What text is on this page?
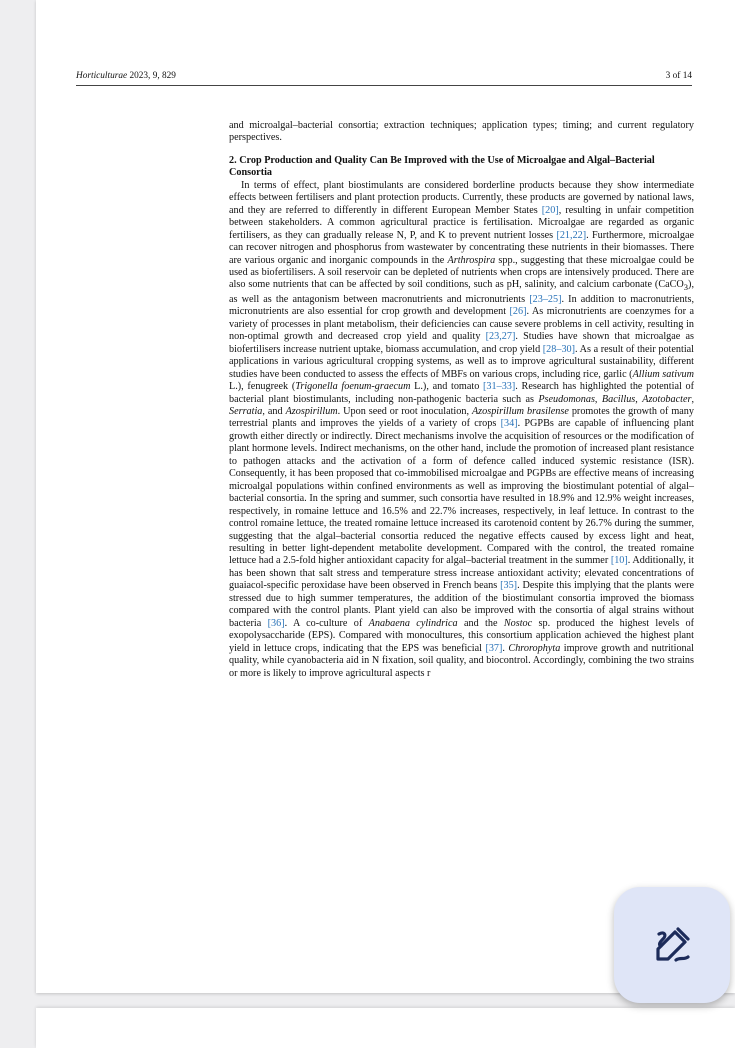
Horticulturae 2023, 9, 829	3 of 14

and microalgal–bacterial consortia; extraction techniques; application types; timing; and current regulatory perspectives.

2. Crop Production and Quality Can Be Improved with the Use of Microalgae and Algal–Bacterial Consortia

In terms of effect, plant biostimulants are considered borderline products because they show intermediate effects between fertilisers and plant protection products. Currently, these products are governed by national laws, and they are referred to differently in different European Member States [20], resulting in unfair competition between stakeholders. A common agricultural practice is fertilisation. Microalgae are regarded as organic fertilisers, as they can gradually release N, P, and K to prevent nutrient losses [21,22]. Furthermore, microalgae can recover nitrogen and phosphorus from wastewater by concentrating these nutrients in their biomasses. There are various organic and inorganic compounds in the Arthrospira spp., suggesting that these microalgae could be used as biofertilisers. A soil reservoir can be depleted of nutrients when crops are intensively produced. There are also some nutrients that can be affected by soil conditions, such as pH, salinity, and calcium carbonate (CaCO$_3$), as well as the antagonism between macronutrients and micronutrients [23–25]. In addition to macronutrients, micronutrients are also essential for crop growth and development [26]. As micronutrients are coenzymes for a variety of processes in plant metabolism, their deficiencies can cause severe problems in cell activity, resulting in non-optimal growth and decreased crop yield and quality [23,27]. Studies have shown that microalgae as biofertilisers increase nutrient uptake, biomass accumulation, and crop yield [28–30]. As a result of their potential applications in various agricultural cropping systems, as well as to improve agricultural sustainability, different studies have been conducted to assess the effects of MBFs on various crops, including rice, garlic (Allium sativum L.), fenugreek (Trigonella foenum-graecum L.), and tomato [31–33]. Research has highlighted the potential of bacterial plant biostimulants, including non-pathogenic bacteria such as Pseudomonas, Bacillus, Azotobacter, Serratia, and Azospirillum. Upon seed or root inoculation, Azospirillum brasilense promotes the growth of many terrestrial plants and improves the yields of a variety of crops [34]. PGPBs are capable of influencing plant growth either directly or indirectly. Direct mechanisms involve the acquisition of resources or the modification of plant hormone levels. Indirect mechanisms, on the other hand, include the promotion of increased plant resistance to pathogen attacks and the activation of a form of defence called induced systemic resistance (ISR). Consequently, it has been proposed that co-immobilised microalgae and PGPBs are effective means of increasing microalgal populations within confined environments as well as improving the biostimulant potential of algal–bacterial consortia. In the spring and summer, such consortia have resulted in 18.9% and 12.9% weight increases, respectively, in romaine lettuce and 16.5% and 22.7% increases, respectively, in leaf lettuce. In contrast to the control romaine lettuce, the treated romaine lettuce increased its carotenoid content by 26.7% during the summer, suggesting that the algal–bacterial consortia reduced the negative effects caused by excess light and heat, resulting in better light-dependent metabolite development. Compared with the control, the treated romaine lettuce had a 2.5-fold higher antioxidant capacity for algal–bacterial treatment in the summer [10]. Additionally, it has been shown that salt stress and temperature stress increase antioxidant activity; elevated concentrations of guaiacol-specific peroxidase have been observed in French beans [35]. Despite this implying that the plants were stressed due to high summer temperatures, the addition of the biostimulant consortia improved the biomass compared with the control plants. Plant yield can also be improved with the consortia of algal strains without bacteria [36]. A co-culture of Anabaena cylindrica and the Nostoc sp. produced the highest levels of exopolysaccharide (EPS). Compared with monocultures, this consortium application achieved the highest plant yield in lettuce crops, indicating that the EPS was beneficial [37]. Chrorophyta improve growth and nutritional quality, while cyanobacteria aid in N fixation, soil quality, and biocontrol. Accordingly, combining the two strains or more is likely to improve agricultural aspects r
